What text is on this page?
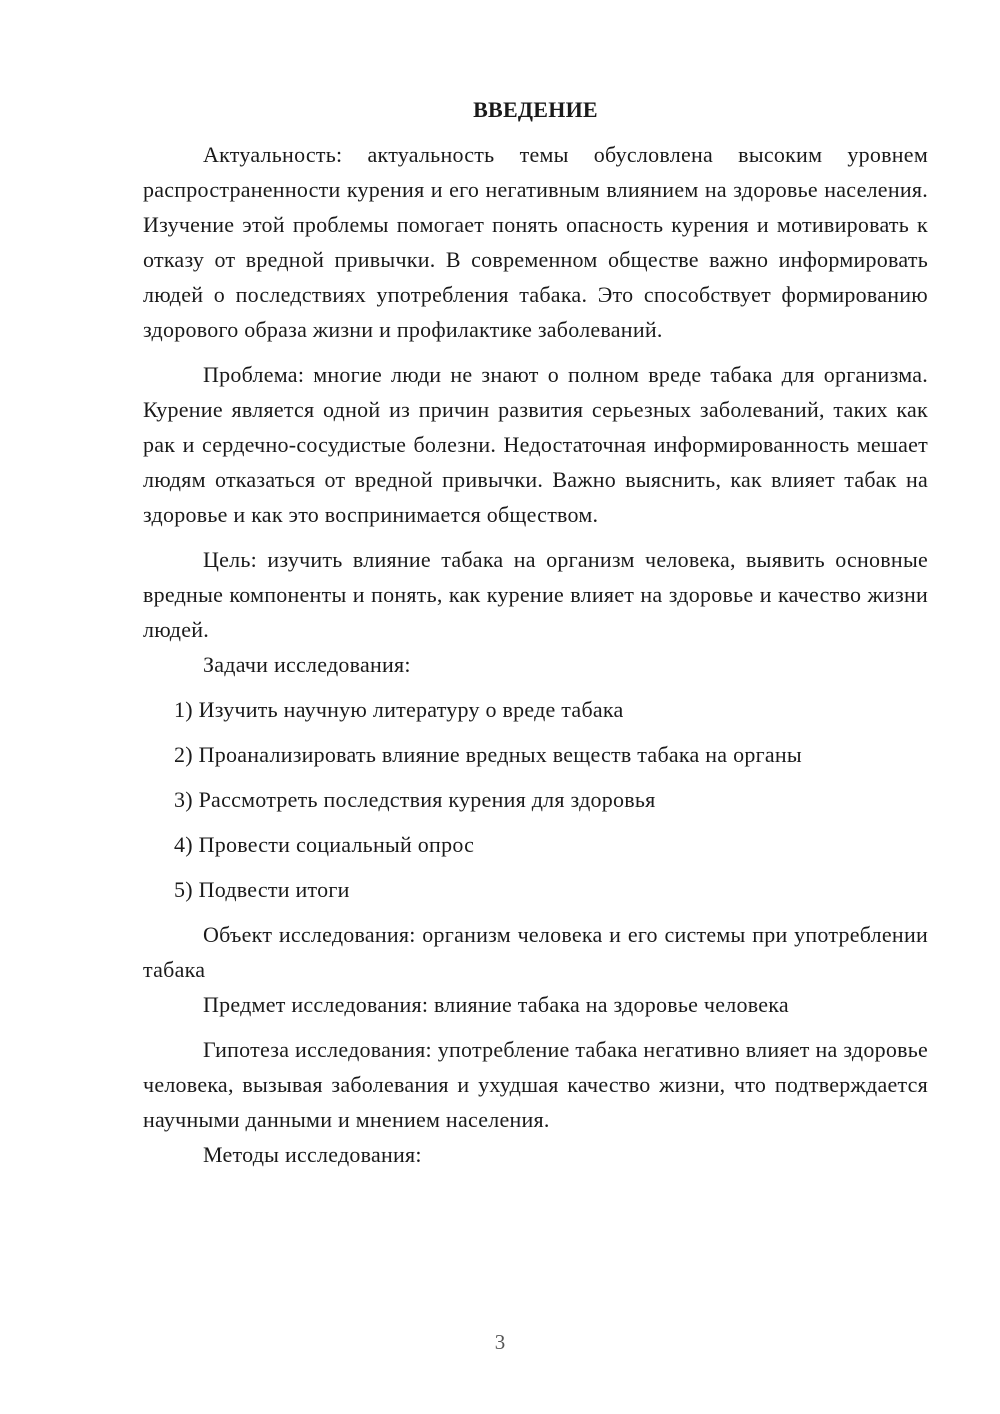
ВВЕДЕНИЕ

Актуальность: актуальность темы обусловлена высоким уровнем распространенности курения и его негативным влиянием на здоровье населения. Изучение этой проблемы помогает понять опасность курения и мотивировать к отказу от вредной привычки. В современном обществе важно информировать людей о последствиях употребления табака. Это способствует формированию здорового образа жизни и профилактике заболеваний.

Проблема: многие люди не знают о полном вреде табака для организма. Курение является одной из причин развития серьезных заболеваний, таких как рак и сердечно-сосудистые болезни. Недостаточная информированность мешает людям отказаться от вредной привычки. Важно выяснить, как влияет табак на здоровье и как это воспринимается обществом.

Цель: изучить влияние табака на организм человека, выявить основные вредные компоненты и понять, как курение влияет на здоровье и качество жизни людей.

Задачи исследования:

1) Изучить научную литературу о вреде табака

2) Проанализировать влияние вредных веществ табака на органы

3) Рассмотреть последствия курения для здоровья

4) Провести социальный опрос

5) Подвести итоги

Объект исследования: организм человека и его системы при употреблении табака

Предмет исследования: влияние табака на здоровье человека

Гипотеза исследования: употребление табака негативно влияет на здоровье человека, вызывая заболевания и ухудшая качество жизни, что подтверждается научными данными и мнением населения.

Методы исследования:

3
